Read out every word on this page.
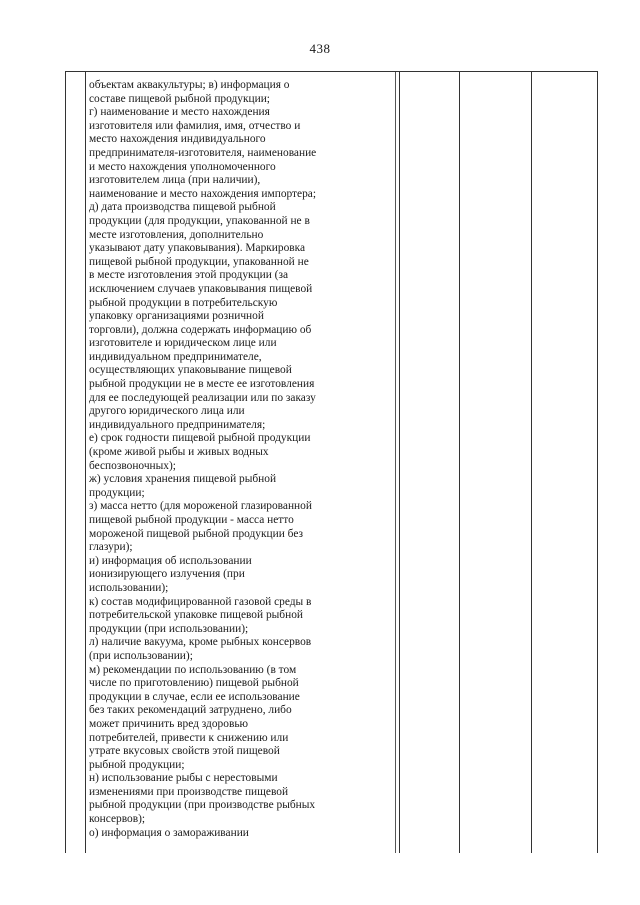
438
объектам аквакультуры; в) информация о
составе пищевой рыбной продукции;
г) наименование и место нахождения
изготовителя или фамилия, имя, отчество и
место нахождения индивидуального
предпринимателя-изготовителя, наименование
и место нахождения уполномоченного
изготовителем лица (при наличии),
наименование и место нахождения импортера;
д) дата производства пищевой рыбной
продукции (для продукции, упакованной не в
месте изготовления, дополнительно
указывают дату упаковывания). Маркировка
пищевой рыбной продукции, упакованной не
в месте изготовления этой продукции (за
исключением случаев упаковывания пищевой
рыбной продукции в потребительскую
упаковку организациями розничной
торговли), должна содержать информацию об
изготовителе и юридическом лице или
индивидуальном предпринимателе,
осуществляющих упаковывание пищевой
рыбной продукции не в месте ее изготовления
для ее последующей реализации или по заказу
другого юридического лица или
индивидуального предпринимателя;
е) срок годности пищевой рыбной продукции
(кроме живой рыбы и живых водных
беспозвоночных);
ж) условия хранения пищевой рыбной
продукции;
з) масса нетто (для мороженой глазированной
пищевой рыбной продукции - масса нетто
мороженой пищевой рыбной продукции без
глазури);
и) информация об использовании
ионизирующего излучения (при
использовании);
к) состав модифицированной газовой среды в
потребительской упаковке пищевой рыбной
продукции (при использовании);
л) наличие вакуума, кроме рыбных консервов
(при использовании);
м) рекомендации по использованию (в том
числе по приготовлению) пищевой рыбной
продукции в случае, если ее использование
без таких рекомендаций затруднено, либо
может причинить вред здоровью
потребителей, привести к снижению или
утрате вкусовых свойств этой пищевой
рыбной продукции;
н) использование рыбы с нерестовыми
изменениями при производстве пищевой
рыбной продукции (при производстве рыбных
консервов);
о) информация о замораживании
